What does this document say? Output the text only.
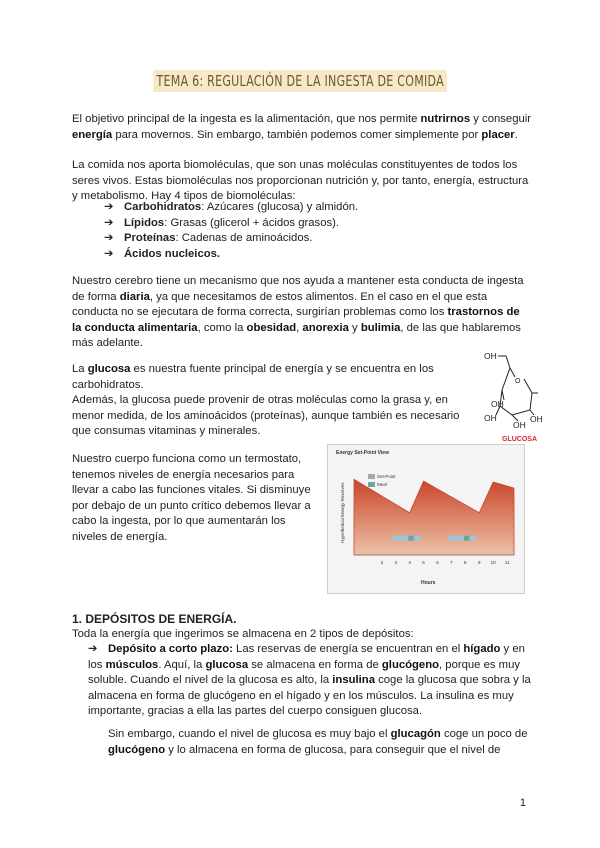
TEMA 6: REGULACIÓN DE LA INGESTA DE COMIDA

El objetivo principal de la ingesta es la alimentación, que nos permite nutrirnos y conseguir energía para movernos. Sin embargo, también podemos comer simplemente por placer.

La comida nos aporta biomoléculas, que son unas moléculas constituyentes de todos los seres vivos. Estas biomoléculas nos proporcionan nutrición y, por tanto, energía, estructura y metabolismo. Hay 4 tipos de biomoléculas:

➔ Carbohidratos: Azúcares (glucosa) y almidón.
➔ Lípidos: Grasas (glicerol + ácidos grasos).
➔ Proteínas: Cadenas de aminoácidos.
➔ Ácidos nucleicos.

Nuestro cerebro tiene un mecanismo que nos ayuda a mantener esta conducta de ingesta de forma diaria, ya que necesitamos de estos alimentos. En el caso en el que esta conducta no se ejecutara de forma correcta, surgirían problemas como los trastornos de la conducta alimentaria, como la obesidad, anorexia y bulimia, de las que hablaremos más adelante.

La glucosa es nuestra fuente principal de energía y se encuentra en los carbohidratos.
Además, la glucosa puede provenir de otras moléculas como la grasa y, en menor medida, de los aminoácidos (proteínas), aunque también es necesario que consumas vitaminas y minerales.

OH
O
OH
OH	OH
OH
GLUCOSA

Nuestro cuerpo funciona como un termostato, tenemos niveles de energía necesarios para llevar a cabo las funciones vitales. Si disminuye por debajo de un punto crítico debemos llevar a cabo la ingesta, por lo que aumentarán los niveles de energía.

Energy Set-Point View
Hypothetical Energy Reserves
Set-Point
Meal
2	3	4	5	6	7	8	9 10 11
Hours

1. DEPÓSITOS DE ENERGÍA.

Toda la energía que ingerimos se almacena en 2 tipos de depósitos:

➔ Depósito a corto plazo: Las reservas de energía se encuentran en el hígado y en los músculos. Aquí, la glucosa se almacena en forma de glucógeno, porque es muy soluble. Cuando el nivel de la glucosa es alto, la insulina coge la glucosa que sobra y la almacena en forma de glucógeno en el hígado y en los músculos. La insulina es muy importante, gracias a ella las partes del cuerpo consiguen glucosa.

Sin embargo, cuando el nivel de glucosa es muy bajo el glucagón coge un poco de glucógeno y lo almacena en forma de glucosa, para conseguir que el nivel de

1
